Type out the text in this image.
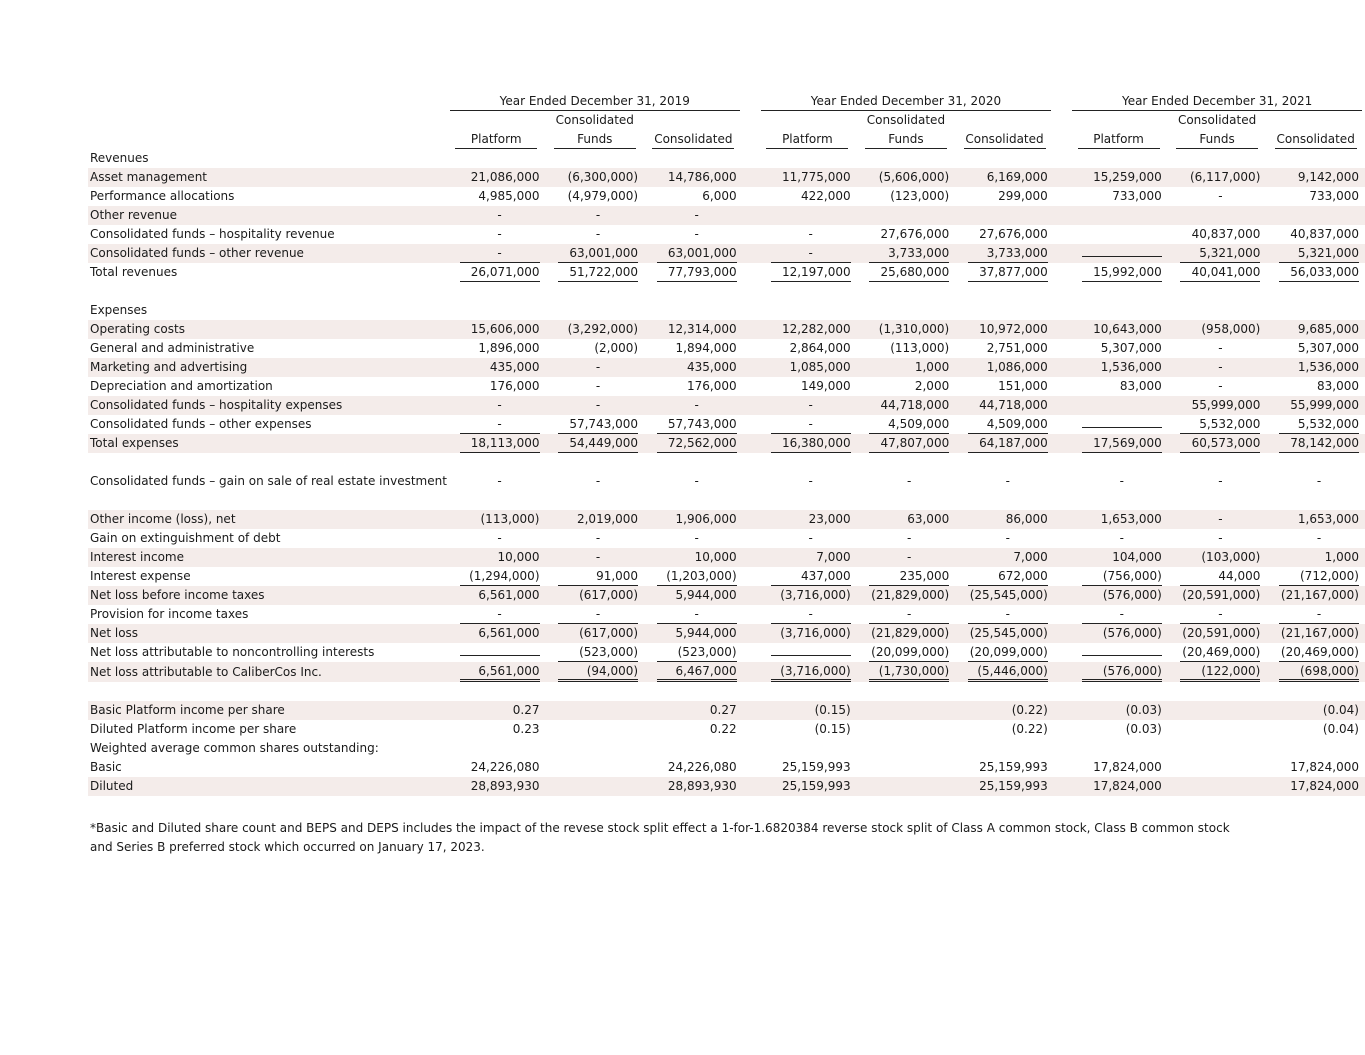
	Year Ended December 31, 2019				Year Ended December 31, 2020				Year Ended December 31, 2021		

		Consolidated				Consolidated				Consolidated	
	Platform	Funds	Consolidated		Platform	Funds	Consolidated		Platform	Funds	Consolidated
Revenues											
Asset management	21,086,000	(6,300,000)	14,786,000		11,775,000	(5,606,000)	6,169,000		15,259,000	(6,117,000)	9,142,000
Performance allocations	4,985,000	(4,979,000)	6,000		422,000	(123,000)	299,000		733,000	-	733,000
Other revenue	-	-	-								
Consolidated funds – hospitality revenue	-	-	-		-	27,676,000	27,676,000			40,837,000	40,837,000
Consolidated funds – other revenue	-	63,001,000	63,001,000		-	3,733,000	3,733,000			5,321,000	5,321,000
Total revenues	26,071,000	51,722,000	77,793,000		12,197,000	25,680,000	37,877,000		15,992,000	40,041,000	56,033,000

Expenses											
Operating costs	15,606,000	(3,292,000)	12,314,000		12,282,000	(1,310,000)	10,972,000		10,643,000	(958,000)	9,685,000
General and administrative	1,896,000	(2,000)	1,894,000		2,864,000	(113,000)	2,751,000		5,307,000	-	5,307,000
Marketing and advertising	435,000	-	435,000		1,085,000	1,000	1,086,000		1,536,000	-	1,536,000
Depreciation and amortization	176,000	-	176,000		149,000	2,000	151,000		83,000	-	83,000
Consolidated funds – hospitality expenses	-	-	-		-	44,718,000	44,718,000			55,999,000	55,999,000
Consolidated funds – other expenses	-	57,743,000	57,743,000		-	4,509,000	4,509,000			5,532,000	5,532,000
Total expenses	18,113,000	54,449,000	72,562,000		16,380,000	47,807,000	64,187,000		17,569,000	60,573,000	78,142,000

Consolidated funds – gain on sale of real estate investment	-	-	-		-	-	-		-	-	-

Other income (loss), net	(113,000)	2,019,000	1,906,000		23,000	63,000	86,000		1,653,000	-	1,653,000
Gain on extinguishment of debt	-	-	-		-	-	-		-	-	-
Interest income	10,000	-	10,000		7,000	-	7,000		104,000	(103,000)	1,000
Interest expense	(1,294,000)	91,000	(1,203,000)		437,000	235,000	672,000		(756,000)	44,000	(712,000)
Net loss before income taxes	6,561,000	(617,000)	5,944,000		(3,716,000)	(21,829,000)	(25,545,000)		(576,000)	(20,591,000)	(21,167,000)
Provision for income taxes	-	-	-		-	-	-		-	-	-
Net loss	6,561,000	(617,000)	5,944,000		(3,716,000)	(21,829,000)	(25,545,000)		(576,000)	(20,591,000)	(21,167,000)
Net loss attributable to noncontrolling interests		(523,000)	(523,000)			(20,099,000)	(20,099,000)			(20,469,000)	(20,469,000)
Net loss attributable to CaliberCos Inc.	6,561,000	(94,000)	6,467,000		(3,716,000)	(1,730,000)	(5,446,000)		(576,000)	(122,000)	(698,000)

Basic Platform income per share	0.27		0.27		(0.15)		(0.22)		(0.03)		(0.04)
Diluted Platform income per share	0.23		0.22		(0.15)		(0.22)		(0.03)		(0.04)
Weighted average common shares outstanding:											
Basic	24,226,080		24,226,080		25,159,993		25,159,993		17,824,000		17,824,000
Diluted	28,893,930		28,893,930		25,159,993		25,159,993		17,824,000		17,824,000
*Basic and Diluted share count and BEPS and DEPS includes the impact of the revese stock split effect a 1-for-1.6820384 reverse stock split of Class A common stock, Class B common stock and Series B preferred stock which occurred on January 17, 2023.
